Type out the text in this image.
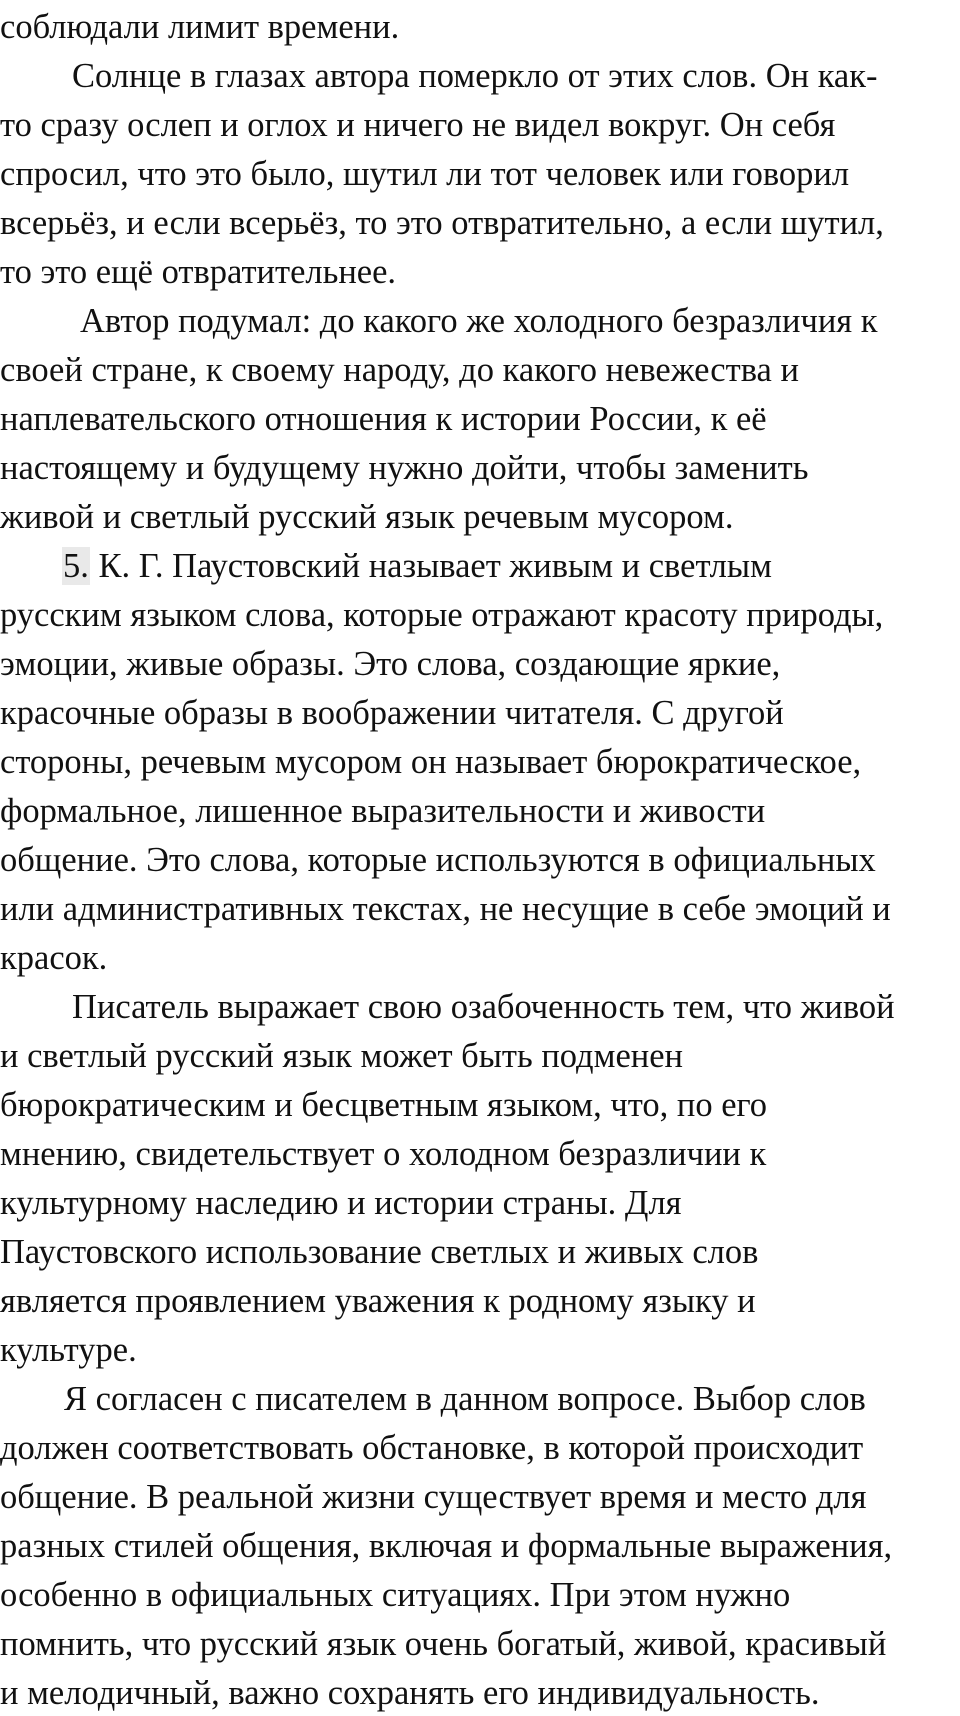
соблюдали лимит времени.
Солнце в глазах автора померкло от этих слов. Он как-
то сразу ослеп и оглох и ничего не видел вокруг. Он себя
спросил, что это было, шутил ли тот человек или говорил
всерьёз, и если всерьёз, то это отвратительно, а если шутил,
то это ещё отвратительнее.
Автор подумал: до какого же холодного безразличия к
своей стране, к своему народу, до какого невежества и
наплевательского отношения к истории России, к её
настоящему и будущему нужно дойти, чтобы заменить
живой и светлый русский язык речевым мусором.
5. К. Г. Паустовский называет живым и светлым
русским языком слова, которые отражают красоту природы,
эмоции, живые образы. Это слова, создающие яркие,
красочные образы в воображении читателя. С другой
стороны, речевым мусором он называет бюрократическое,
формальное, лишенное выразительности и живости
общение. Это слова, которые используются в официальных
или административных текстах, не несущие в себе эмоций и
красок.
Писатель выражает свою озабоченность тем, что живой
и светлый русский язык может быть подменен
бюрократическим и бесцветным языком, что, по его
мнению, свидетельствует о холодном безразличии к
культурному наследию и истории страны. Для
Паустовского использование светлых и живых слов
является проявлением уважения к родному языку и
культуре.
Я согласен с писателем в данном вопросе. Выбор слов
должен соответствовать обстановке, в которой происходит
общение. В реальной жизни существует время и место для
разных стилей общения, включая и формальные выражения,
особенно в официальных ситуациях. При этом нужно
помнить, что русский язык очень богатый, живой, красивый
и мелодичный, важно сохранять его индивидуальность.
